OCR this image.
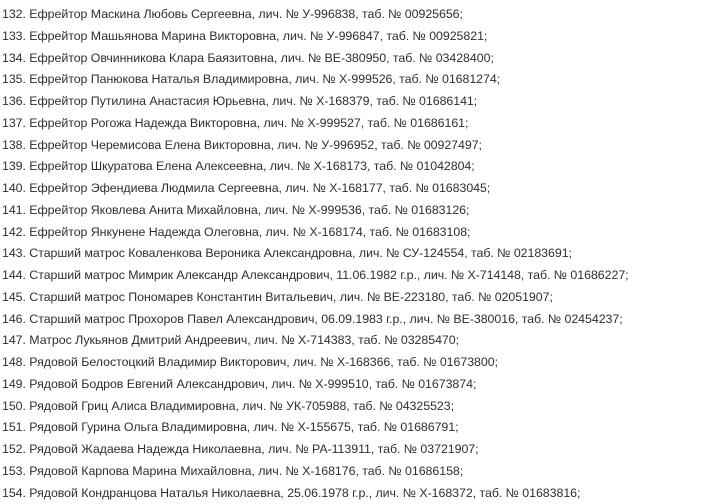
132. Ефрейтор Маскина Любовь Сергеевна, лич. № У-996838, таб. № 00925656;
133. Ефрейтор Машьянова Марина Викторовна, лич. № У-996847, таб. № 00925821;
134. Ефрейтор Овчинникова Клара Баязитовна, лич. № ВЕ-380950, таб. № 03428400;
135. Ефрейтор Панюкова Наталья Владимировна, лич. № Х-999526, таб. № 01681274;
136. Ефрейтор Путилина Анастасия Юрьевна, лич. № Х-168379, таб. № 01686141;
137. Ефрейтор Рогожа Надежда Викторовна, лич. № Х-999527, таб. № 01686161;
138. Ефрейтор Черемисова Елена Викторовна, лич. № У-996952, таб. № 00927497;
139. Ефрейтор Шкуратова Елена Алексеевна, лич. № Х-168173, таб. № 01042804;
140. Ефрейтор Эфендиева Людмила Сергеевна, лич. № Х-168177, таб. № 01683045;
141. Ефрейтор Яковлева Анита Михайловна, лич. № Х-999536, таб. № 01683126;
142. Ефрейтор Янкунене Надежда Олеговна, лич. № Х-168174, таб. № 01683108;
143. Старший матрос Коваленкова Вероника Александровна, лич. № СУ-124554, таб. № 02183691;
144. Старший матрос Мимрик Александр Александрович, 11.06.1982 г.р., лич. № Х-714148, таб. № 01686227;
145. Старший матрос Пономарев Константин Витальевич, лич. № ВЕ-223180, таб. № 02051907;
146. Старший матрос Прохоров Павел Александрович, 06.09.1983 г.р., лич. № ВЕ-380016, таб. № 02454237;
147. Матрос Лукьянов Дмитрий Андреевич, лич. № Х-714383, таб. № 03285470;
148. Рядовой Белостоцкий Владимир Викторович, лич. № Х-168366, таб. № 01673800;
149. Рядовой Бодров Евгений Александрович, лич. № Х-999510, таб. № 01673874;
150. Рядовой Гриц Алиса Владимировна, лич. № УК-705988, таб. № 04325523;
151. Рядовой Гурина Ольга Владимировна, лич. № Х-155675, таб. № 01686791;
152. Рядовой Жадаева Надежда Николаевна, лич. № РА-113911, таб. № 03721907;
153. Рядовой Карпова Марина Михайловна, лич. № Х-168176, таб. № 01686158;
154. Рядовой Кондранцова Наталья Николаевна, 25.06.1978 г.р., лич. № Х-168372, таб. № 01683816;
